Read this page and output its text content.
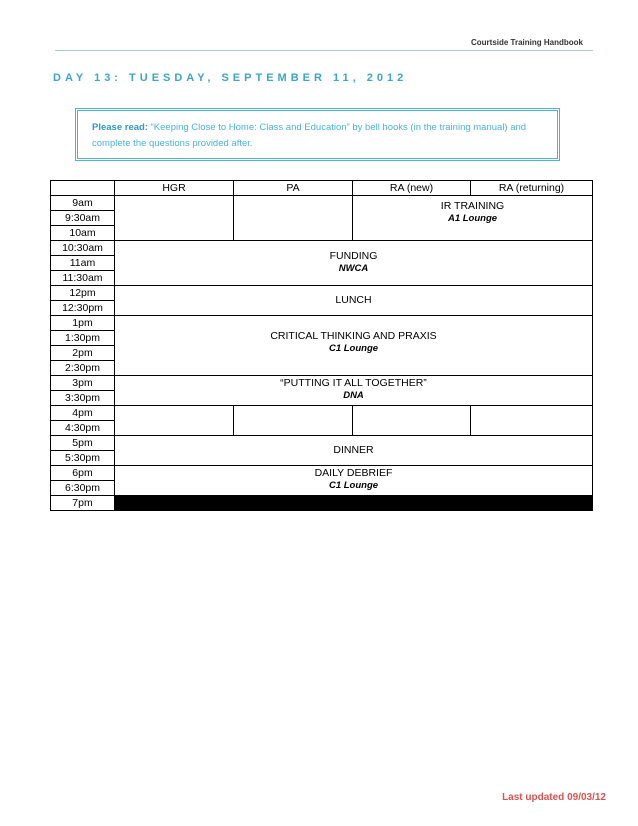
Courtside Training Handbook
DAY 13: TUESDAY, SEPTEMBER 11, 2012
Please read: “Keeping Close to Home: Class and Education” by bell hooks (in the training manual) and complete the questions provided after.
	HGR	PA	RA (new)	RA (returning)
9am			IR TRAINING
A1 Lounge	

9:30am				
10am				
10:30am	FUNDING
NWCA			

11am				
11:30am				
12pm	LUNCH			

12:30pm				
1pm	CRITICAL THINKING AND PRAXIS
C1 Lounge			

1:30pm				
2pm				
2:30pm				
3pm	“PUTTING IT ALL TOGETHER”
DNA			

3:30pm				
4pm				
4:30pm				
5pm	DINNER			

5:30pm				
6pm	DAILY DEBRIEF
C1 Lounge			

6:30pm				
7pm				
Last updated 09/03/12
